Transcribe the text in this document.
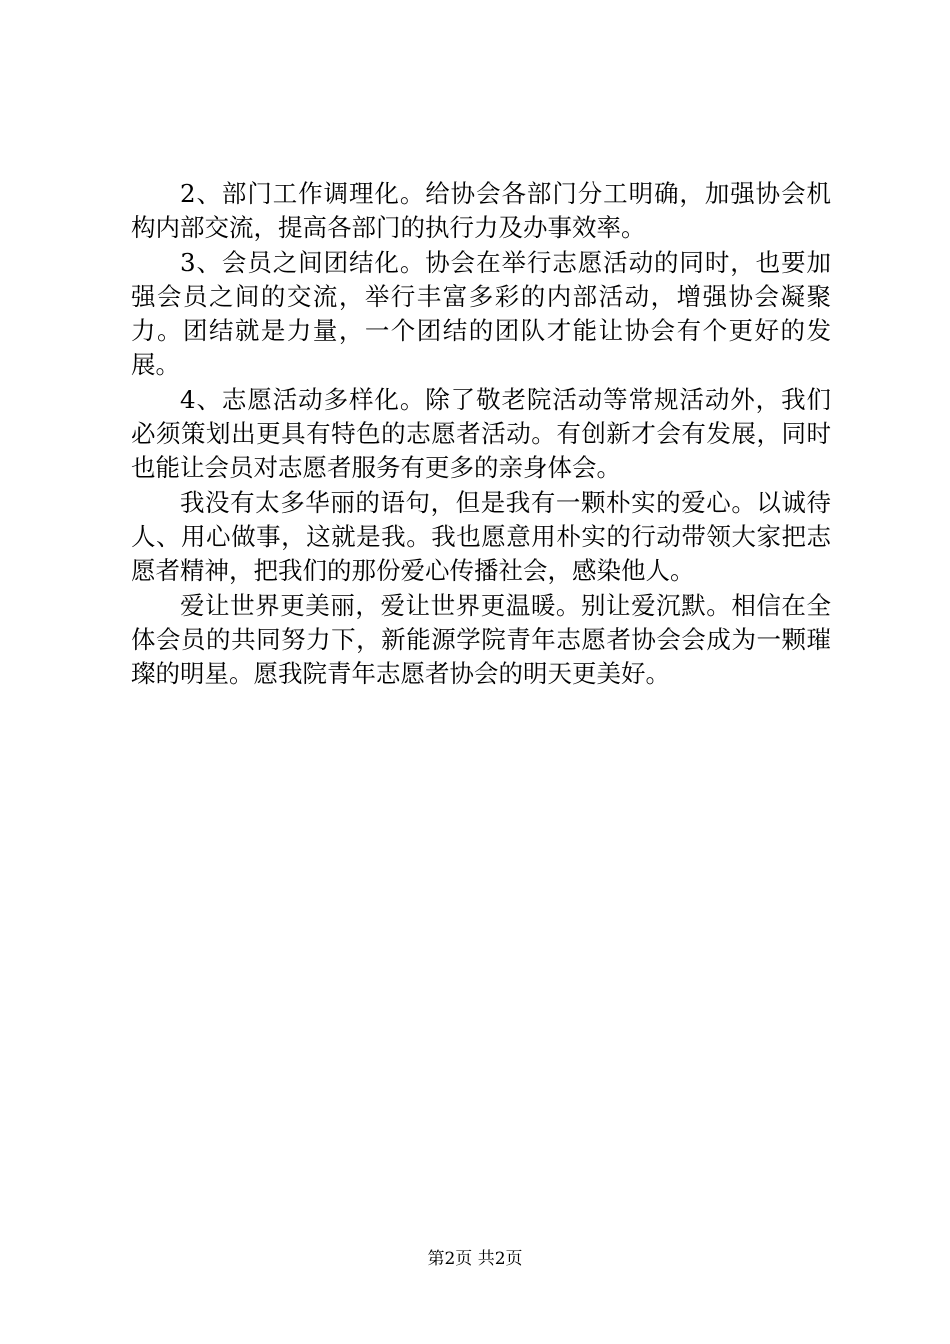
2、部门工作调理化。给协会各部门分工明确，加强协会机构内部交流，提高各部门的执行力及办事效率。

3、会员之间团结化。协会在举行志愿活动的同时，也要加强会员之间的交流，举行丰富多彩的内部活动，增强协会凝聚力。团结就是力量，一个团结的团队才能让协会有个更好的发展。

4、志愿活动多样化。除了敬老院活动等常规活动外，我们必须策划出更具有特色的志愿者活动。有创新才会有发展，同时也能让会员对志愿者服务有更多的亲身体会。

我没有太多华丽的语句，但是我有一颗朴实的爱心。以诚待人、用心做事，这就是我。我也愿意用朴实的行动带领大家把志愿者精神，把我们的那份爱心传播社会，感染他人。

爱让世界更美丽，爱让世界更温暖。别让爱沉默。相信在全体会员的共同努力下，新能源学院青年志愿者协会会成为一颗璀璨的明星。愿我院青年志愿者协会的明天更美好。

第2页 共2页
